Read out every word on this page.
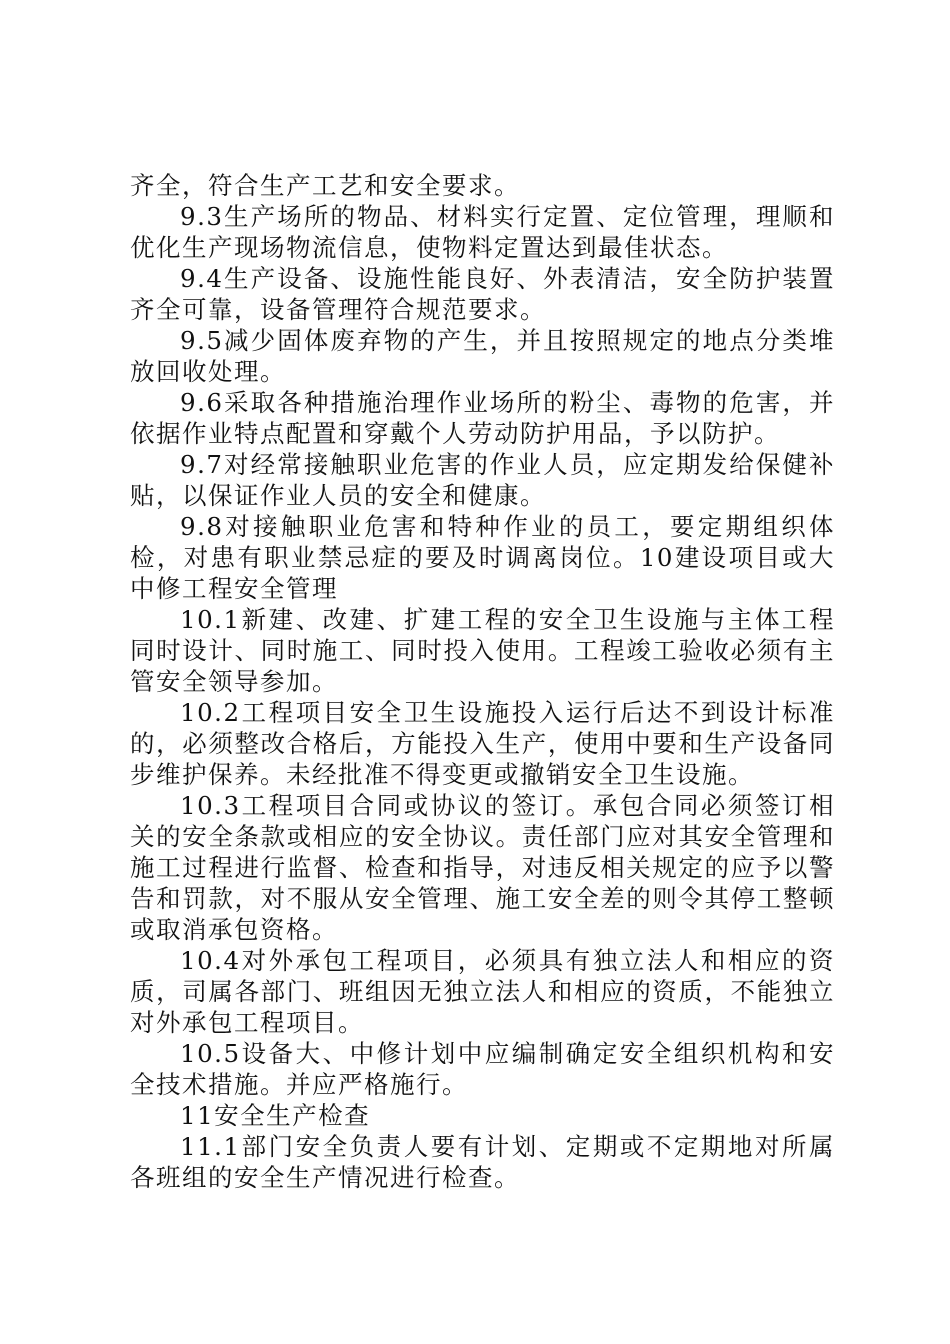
齐全，符合生产工艺和安全要求。

9.3生产场所的物品、材料实行定置、定位管理，理顺和优化生产现场物流信息，使物料定置达到最佳状态。

9.4生产设备、设施性能良好、外表清洁，安全防护装置齐全可靠，设备管理符合规范要求。

9.5减少固体废弃物的产生，并且按照规定的地点分类堆放回收处理。

9.6采取各种措施治理作业场所的粉尘、毒物的危害，并依据作业特点配置和穿戴个人劳动防护用品，予以防护。

9.7对经常接触职业危害的作业人员，应定期发给保健补贴，以保证作业人员的安全和健康。

9.8对接触职业危害和特种作业的员工，要定期组织体检，对患有职业禁忌症的要及时调离岗位。10建设项目或大中修工程安全管理

10.1新建、改建、扩建工程的安全卫生设施与主体工程同时设计、同时施工、同时投入使用。工程竣工验收必须有主管安全领导参加。

10.2工程项目安全卫生设施投入运行后达不到设计标准的，必须整改合格后，方能投入生产，使用中要和生产设备同步维护保养。未经批准不得变更或撤销安全卫生设施。

10.3工程项目合同或协议的签订。承包合同必须签订相关的安全条款或相应的安全协议。责任部门应对其安全管理和施工过程进行监督、检查和指导，对违反相关规定的应予以警告和罚款，对不服从安全管理、施工安全差的则令其停工整顿或取消承包资格。

10.4对外承包工程项目，必须具有独立法人和相应的资质，司属各部门、班组因无独立法人和相应的资质，不能独立对外承包工程项目。

10.5设备大、中修计划中应编制确定安全组织机构和安全技术措施。并应严格施行。

11安全生产检查

11.1部门安全负责人要有计划、定期或不定期地对所属各班组的安全生产情况进行检查。
